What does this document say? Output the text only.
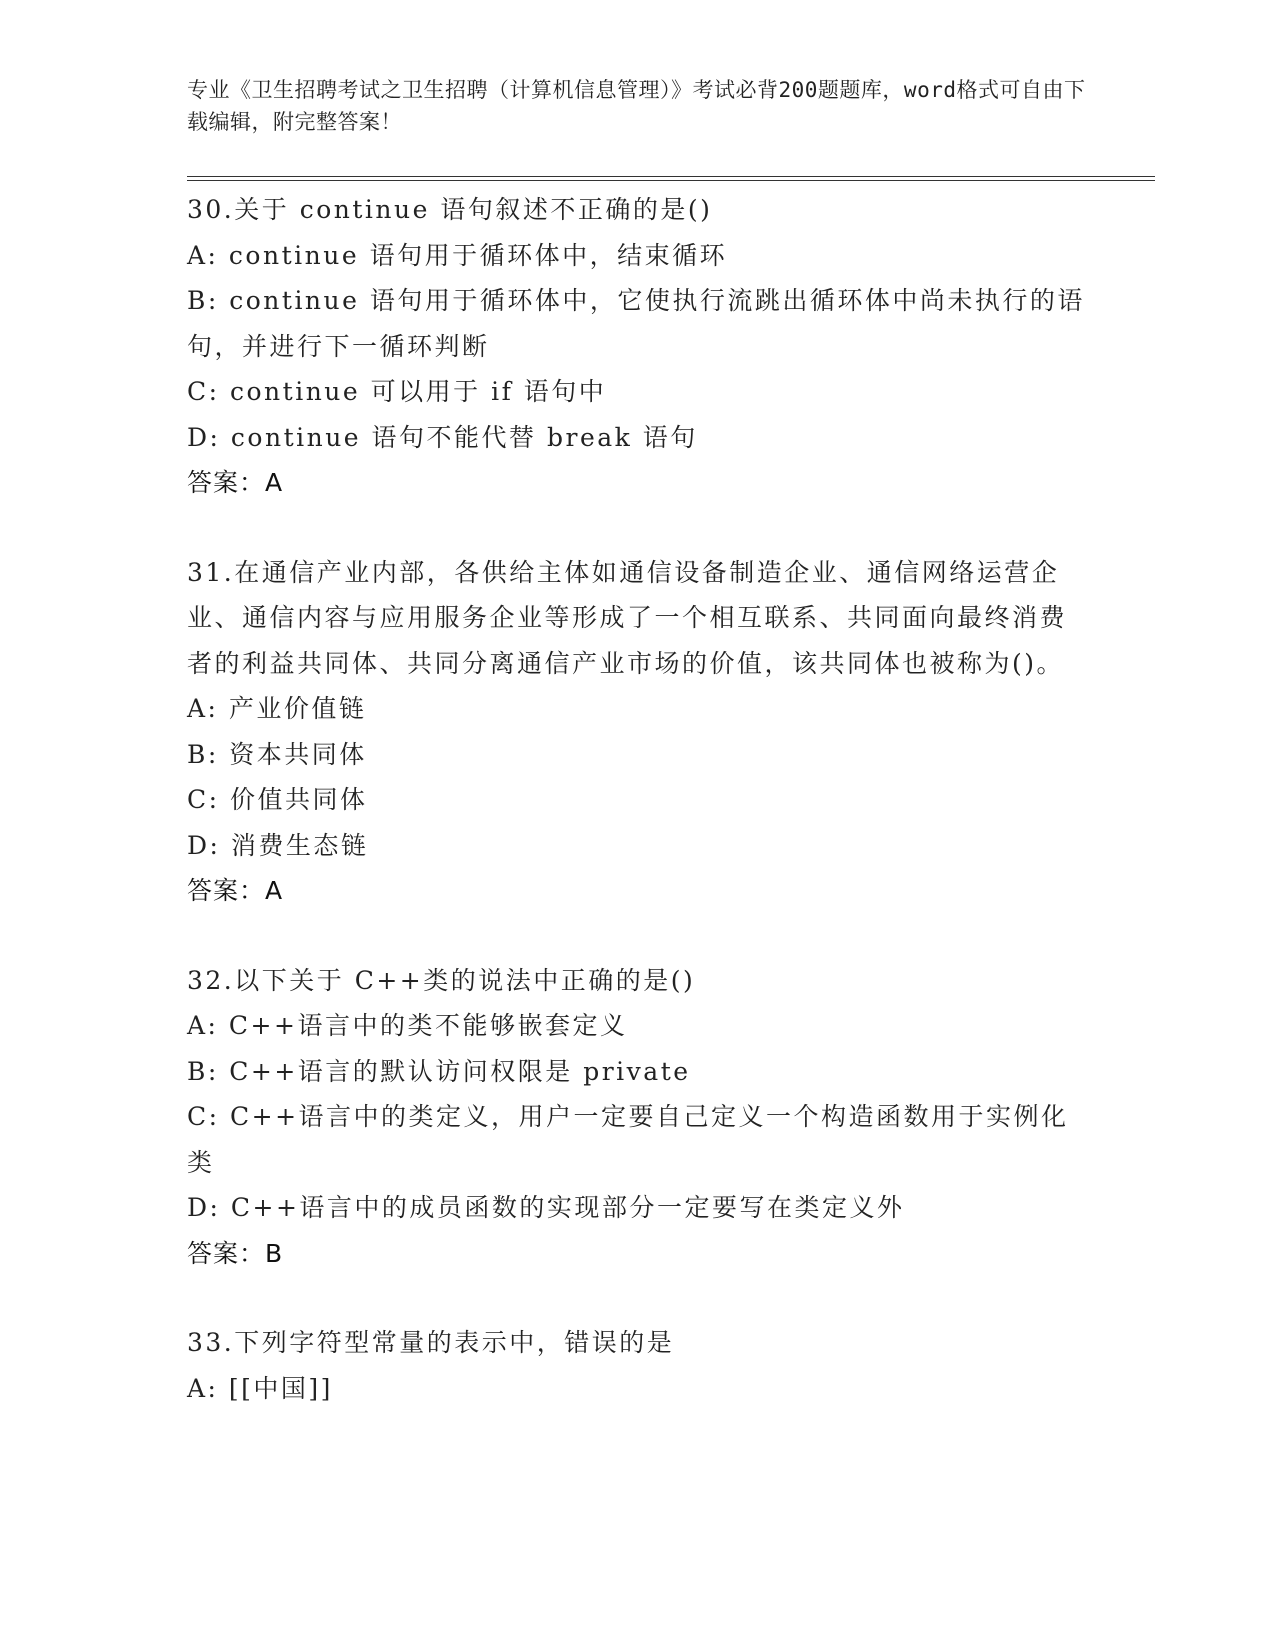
专业《卫生招聘考试之卫生招聘（计算机信息管理）》考试必背200题题库，word格式可自由下载编辑，附完整答案！
30.关于 continue 语句叙述不正确的是()
A: continue 语句用于循环体中，结束循环
B: continue 语句用于循环体中，它使执行流跳出循环体中尚未执行的语句，并进行下一循环判断
C: continue 可以用于 if 语句中
D: continue 语句不能代替 break 语句
答案：A
31.在通信产业内部，各供给主体如通信设备制造企业、通信网络运营企业、通信内容与应用服务企业等形成了一个相互联系、共同面向最终消费者的利益共同体、共同分离通信产业市场的价值，该共同体也被称为()。
A: 产业价值链
B: 资本共同体
C: 价值共同体
D: 消费生态链
答案：A
32.以下关于 C++类的说法中正确的是()
A: C++语言中的类不能够嵌套定义
B: C++语言的默认访问权限是 private
C: C++语言中的类定义，用户一定要自己定义一个构造函数用于实例化类
D: C++语言中的成员函数的实现部分一定要写在类定义外
答案：B
33.下列字符型常量的表示中，错误的是
A: [[中国]]
